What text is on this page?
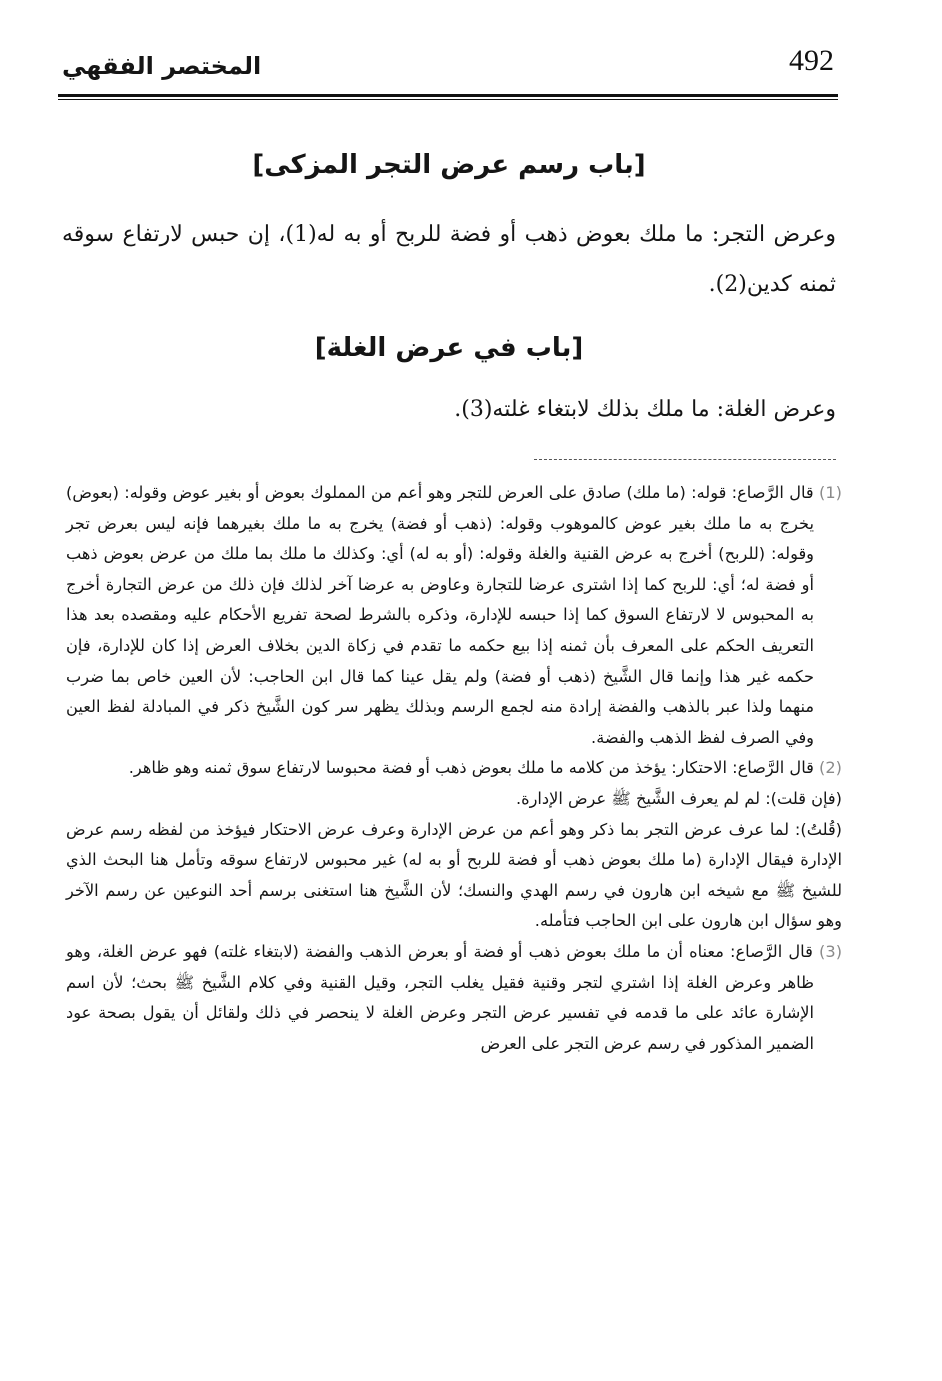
492
المختصر الفقهي
[باب رسم عرض التجر المزكى]
وعرض التجر: ما ملك بعوض ذهب أو فضة للربح أو به له(1)، إن حبس لارتفاع سوقه ثمنه كدين(2).
[باب في عرض الغلة]
وعرض الغلة: ما ملك بذلك لابتغاء غلته(3).

(1) قال الرَّصاع: قوله: (ما ملك) صادق على العرض للتجر وهو أعم من المملوك بعوض أو بغير عوض وقوله: (بعوض) يخرج به ما ملك بغير عوض كالموهوب وقوله: (ذهب أو فضة) يخرج به ما ملك بغيرهما فإنه ليس بعرض تجر وقوله: (للربح) أخرج به عرض القنية والغلة وقوله: (أو به له) أي: وكذلك ما ملك بما ملك من عرض بعوض ذهب أو فضة له؛ أي: للربح كما إذا اشترى عرضا للتجارة وعاوض به عرضا آخر لذلك فإن ذلك من عرض التجارة أخرج به المحبوس لا لارتفاع السوق كما إذا حبسه للإدارة، وذكره بالشرط لصحة تفريع الأحكام عليه ومقصده بعد هذا التعريف الحكم على المعرف بأن ثمنه إذا بيع حكمه ما تقدم في زكاة الدين بخلاف العرض إذا كان للإدارة، فإن حكمه غير هذا وإنما قال الشَّيخ (ذهب أو فضة) ولم يقل عينا كما قال ابن الحاجب: لأن العين خاص بما ضرب منهما ولذا عبر بالذهب والفضة إرادة منه لجمع الرسم وبذلك يظهر سر كون الشَّيخ ذكر في المبادلة لفظ العين وفي الصرف لفظ الذهب والفضة.

(2) قال الرَّصاع: الاحتكار: يؤخذ من كلامه ما ملك بعوض ذهب أو فضة محبوسا لارتفاع سوق ثمنه وهو ظاهر.

(فإن قلت): لم لم يعرف الشَّيخ ﷺ عرض الإدارة.

(قُلتُ): لما عرف عرض التجر بما ذكر وهو أعم من عرض الإدارة وعرف عرض الاحتكار فيؤخذ من لفظه رسم عرض الإدارة فيقال الإدارة (ما ملك بعوض ذهب أو فضة للربح أو به له) غير محبوس لارتفاع سوقه وتأمل هنا البحث الذي للشيخ ﷺ مع شيخه ابن هارون في رسم الهدي والنسك؛ لأن الشَّيخ هنا استغنى برسم أحد النوعين عن رسم الآخر وهو سؤال ابن هارون على ابن الحاجب فتأمله.

(3) قال الرَّصاع: معناه أن ما ملك بعوض ذهب أو فضة أو بعرض الذهب والفضة (لابتغاء غلته) فهو عرض الغلة، وهو ظاهر وعرض الغلة إذا اشتري لتجر وقنية فقيل يغلب التجر، وقيل القنية وفي كلام الشَّيخ ﷺ بحث؛ لأن اسم الإشارة عائد على ما قدمه في تفسير عرض التجر وعرض الغلة لا ينحصر في ذلك ولقائل أن يقول بصحة عود الضمير المذكور في رسم عرض التجر على العرض
